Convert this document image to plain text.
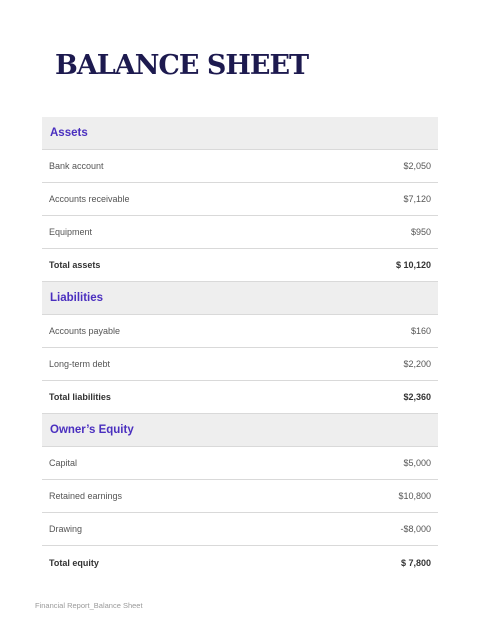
BALANCE SHEET
Assets
Bank account	$2,050
Accounts receivable	$7,120
Equipment	$950
Total assets	$ 10,120
Liabilities
Accounts payable	$160
Long-term debt	$2,200
Total liabilities	$2,360
Owner’s Equity
Capital	$5,000
Retained earnings	$10,800
Drawing	-$8,000
Total equity	$ 7,800
Financial Report_Balance Sheet
